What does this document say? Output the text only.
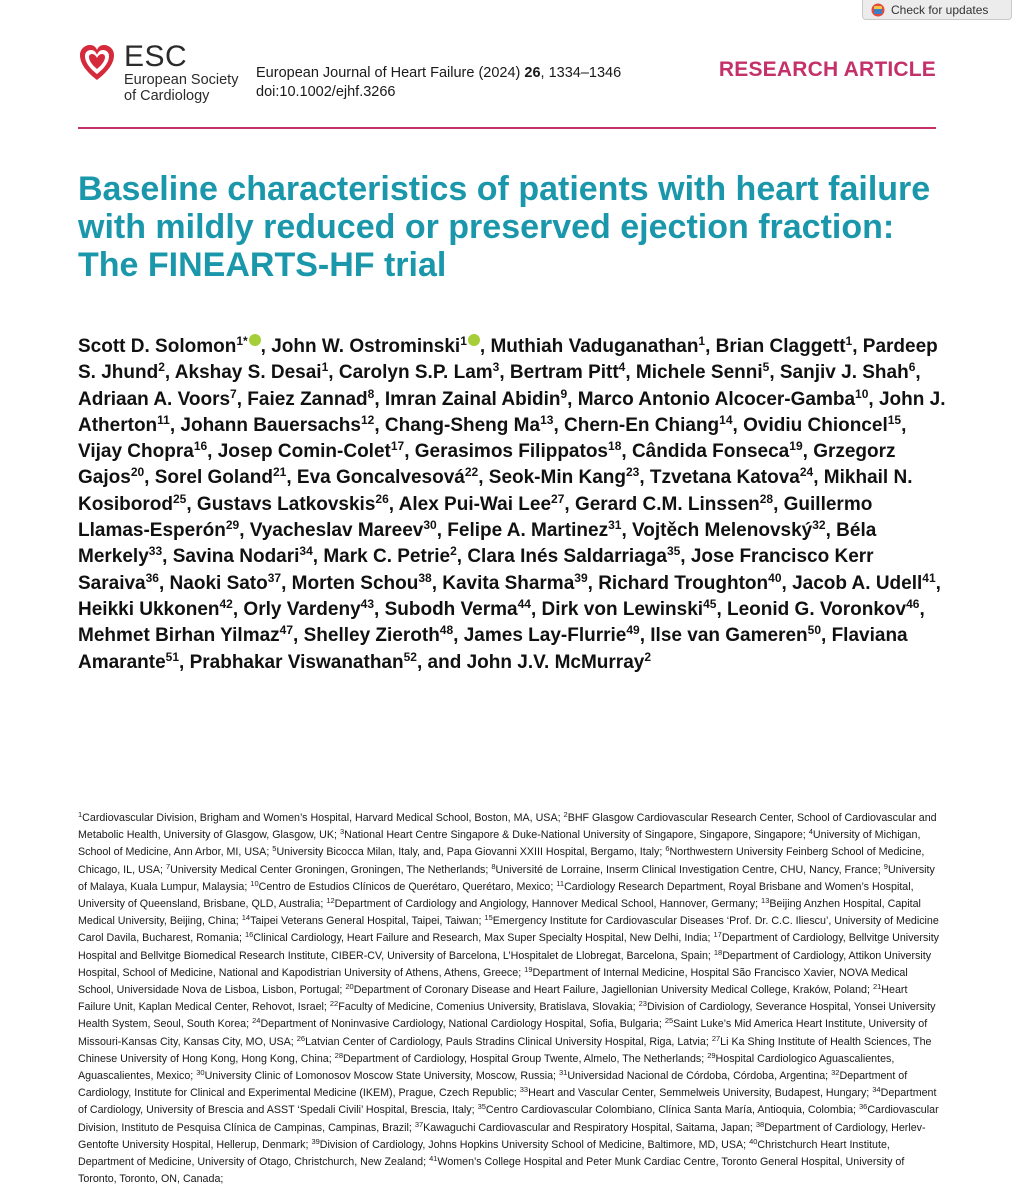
Check for updates
ESC
European Society
of Cardiology
European Journal of Heart Failure (2024) 26, 1334–1346
doi:10.1002/ejhf.3266
RESEARCH ARTICLE
Baseline characteristics of patients with heart failure with mildly reduced or preserved ejection fraction: The FINEARTS-HF trial
Scott D. Solomon$^{1*}$ , John W. Ostrominski$^1$ , Muthiah Vaduganathan$^1$, Brian Claggett$^1$, Pardeep S. Jhund$^2$, Akshay S. Desai$^1$, Carolyn S.P. Lam$^3$, Bertram Pitt$^4$, Michele Senni$^5$, Sanjiv J. Shah$^6$, Adriaan A. Voors$^7$, Faiez Zannad$^8$, Imran Zainal Abidin$^9$, Marco Antonio Alcocer-Gamba$^{10}$, John J. Atherton$^{11}$, Johann Bauersachs$^{12}$, Chang-Sheng Ma$^{13}$, Chern-En Chiang$^{14}$, Ovidiu Chioncel$^{15}$, Vijay Chopra$^{16}$, Josep Comin-Colet$^{17}$, Gerasimos Filippatos$^{18}$, Cândida Fonseca$^{19}$, Grzegorz Gajos$^{20}$, Sorel Goland$^{21}$, Eva Goncalvesová$^{22}$, Seok-Min Kang$^{23}$, Tzvetana Katova$^{24}$, Mikhail N. Kosiborod$^{25}$, Gustavs Latkovskis$^{26}$, Alex Pui-Wai Lee$^{27}$, Gerard C.M. Linssen$^{28}$, Guillermo Llamas-Esperón$^{29}$, Vyacheslav Mareev$^{30}$, Felipe A. Martinez$^{31}$, Vojtěch Melenovský$^{32}$, Béla Merkely$^{33}$, Savina Nodari$^{34}$, Mark C. Petrie$^2$, Clara Inés Saldarriaga$^{35}$, Jose Francisco Kerr Saraiva$^{36}$, Naoki Sato$^{37}$, Morten Schou$^{38}$, Kavita Sharma$^{39}$, Richard Troughton$^{40}$, Jacob A. Udell$^{41}$, Heikki Ukkonen$^{42}$, Orly Vardeny$^{43}$, Subodh Verma$^{44}$, Dirk von Lewinski$^{45}$, Leonid G. Voronkov$^{46}$, Mehmet Birhan Yilmaz$^{47}$, Shelley Zieroth$^{48}$, James Lay-Flurrie$^{49}$, Ilse van Gameren$^{50}$, Flaviana Amarante$^{51}$, Prabhakar Viswanathan$^{52}$, and John J.V. McMurray$^2$
$^1$Cardiovascular Division, Brigham and Women’s Hospital, Harvard Medical School, Boston, MA, USA; $^2$BHF Glasgow Cardiovascular Research Center, School of Cardiovascular and Metabolic Health, University of Glasgow, Glasgow, UK; $^3$National Heart Centre Singapore & Duke-National University of Singapore, Singapore, Singapore; $^4$University of Michigan, School of Medicine, Ann Arbor, MI, USA; $^5$University Bicocca Milan, Italy, and, Papa Giovanni XXIII Hospital, Bergamo, Italy; $^6$Northwestern University Feinberg School of Medicine, Chicago, IL, USA; $^7$University Medical Center Groningen, Groningen, The Netherlands; $^8$Université de Lorraine, Inserm Clinical Investigation Centre, CHU, Nancy, France; $^9$University of Malaya, Kuala Lumpur, Malaysia; $^{10}$Centro de Estudios Clínicos de Querétaro, Querétaro, Mexico; $^{11}$Cardiology Research Department, Royal Brisbane and Women’s Hospital, University of Queensland, Brisbane, QLD, Australia; $^{12}$Department of Cardiology and Angiology, Hannover Medical School, Hannover, Germany; $^{13}$Beijing Anzhen Hospital, Capital Medical University, Beijing, China; $^{14}$Taipei Veterans General Hospital, Taipei, Taiwan; $^{15}$Emergency Institute for Cardiovascular Diseases ‘Prof. Dr. C.C. Iliescu’, University of Medicine Carol Davila, Bucharest, Romania; $^{16}$Clinical Cardiology, Heart Failure and Research, Max Super Specialty Hospital, New Delhi, India; $^{17}$Department of Cardiology, Bellvitge University Hospital and Bellvitge Biomedical Research Institute, CIBER-CV, University of Barcelona, L’Hospitalet de Llobregat, Barcelona, Spain; $^{18}$Department of Cardiology, Attikon University Hospital, School of Medicine, National and Kapodistrian University of Athens, Athens, Greece; $^{19}$Department of Internal Medicine, Hospital São Francisco Xavier, NOVA Medical School, Universidade Nova de Lisboa, Lisbon, Portugal; $^{20}$Department of Coronary Disease and Heart Failure, Jagiellonian University Medical College, Kraków, Poland; $^{21}$Heart Failure Unit, Kaplan Medical Center, Rehovot, Israel; $^{22}$Faculty of Medicine, Comenius University, Bratislava, Slovakia; $^{23}$Division of Cardiology, Severance Hospital, Yonsei University Health System, Seoul, South Korea; $^{24}$Department of Noninvasive Cardiology, National Cardiology Hospital, Sofia, Bulgaria; $^{25}$Saint Luke’s Mid America Heart Institute, University of Missouri-Kansas City, Kansas City, MO, USA; $^{26}$Latvian Center of Cardiology, Pauls Stradins Clinical University Hospital, Riga, Latvia; $^{27}$Li Ka Shing Institute of Health Sciences, The Chinese University of Hong Kong, Hong Kong, China; $^{28}$Department of Cardiology, Hospital Group Twente, Almelo, The Netherlands; $^{29}$Hospital Cardiologico Aguascalientes, Aguascalientes, Mexico; $^{30}$University Clinic of Lomonosov Moscow State University, Moscow, Russia; $^{31}$Universidad Nacional de Córdoba, Córdoba, Argentina; $^{32}$Department of Cardiology, Institute for Clinical and Experimental Medicine (IKEM), Prague, Czech Republic; $^{33}$Heart and Vascular Center, Semmelweis University, Budapest, Hungary; $^{34}$Department of Cardiology, University of Brescia and ASST ‘Spedali Civili’ Hospital, Brescia, Italy; $^{35}$Centro Cardiovascular Colombiano, Clínica Santa María, Antioquia, Colombia; $^{36}$Cardiovascular Division, Instituto de Pesquisa Clínica de Campinas, Campinas, Brazil; $^{37}$Kawaguchi Cardiovascular and Respiratory Hospital, Saitama, Japan; $^{38}$Department of Cardiology, Herlev-Gentofte University Hospital, Hellerup, Denmark; $^{39}$Division of Cardiology, Johns Hopkins University School of Medicine, Baltimore, MD, USA; $^{40}$Christchurch Heart Institute, Department of Medicine, University of Otago, Christchurch, New Zealand; $^{41}$Women’s College Hospital and Peter Munk Cardiac Centre, Toronto General Hospital, University of Toronto, Toronto, ON, Canada;
